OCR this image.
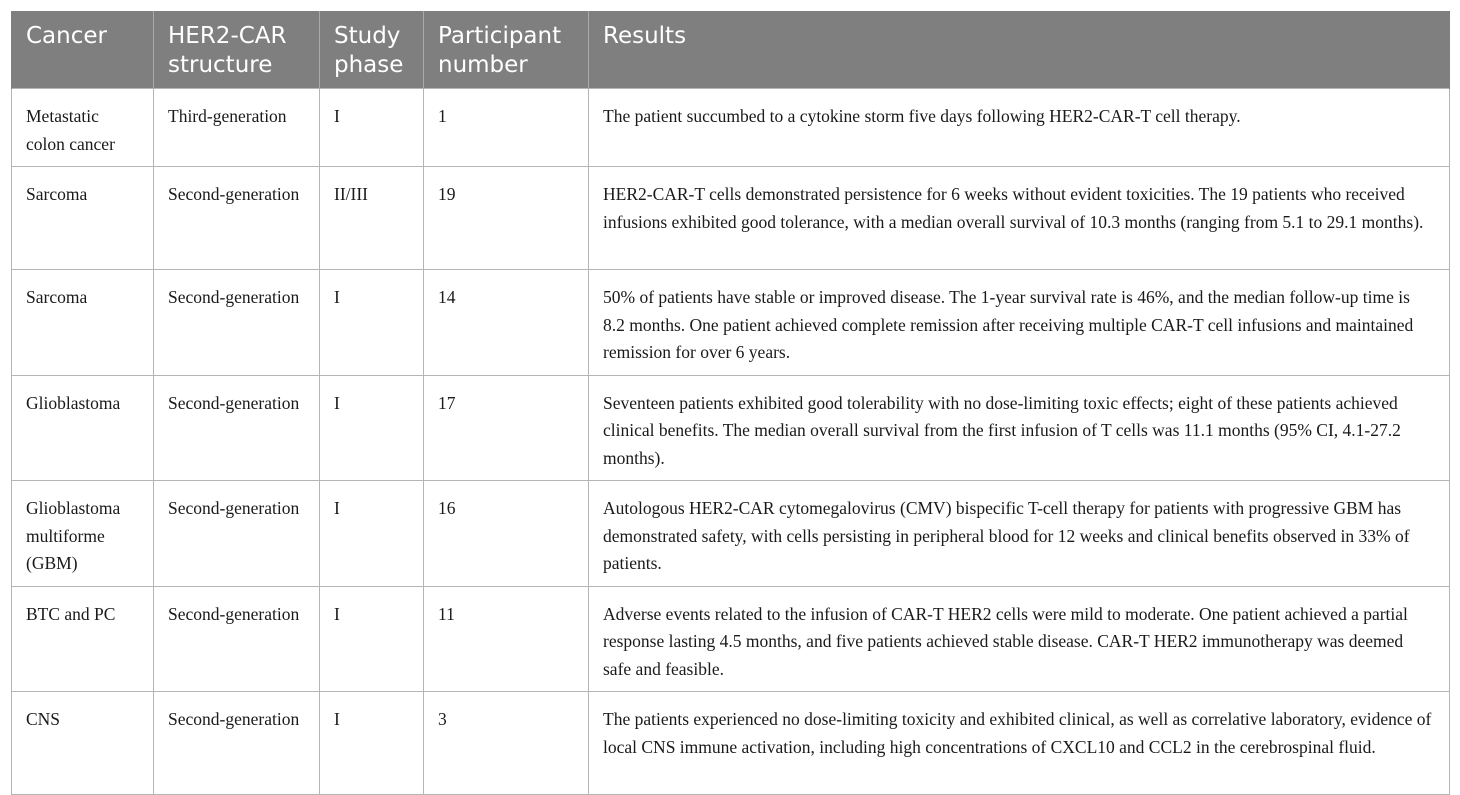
Cancer	HER2-CAR structure	Study phase	Participant number	Results
Metastatic colon cancer	Third-generation	I	1	The patient succumbed to a cytokine storm five days following HER2-CAR-T cell therapy.
Sarcoma	Second-generation	II/III	19	HER2-CAR-T cells demonstrated persistence for 6 weeks without evident toxicities. The 19 patients who received infusions exhibited good tolerance, with a median overall survival of 10.3 months (ranging from 5.1 to 29.1 months).
Sarcoma	Second-generation	I	14	50% of patients have stable or improved disease. The 1-year survival rate is 46%, and the median follow-up time is 8.2 months. One patient achieved complete remission after receiving multiple CAR-T cell infusions and maintained remission for over 6 years.
Glioblastoma	Second-generation	I	17	Seventeen patients exhibited good tolerability with no dose-limiting toxic effects; eight of these patients achieved clinical benefits. The median overall survival from the first infusion of T cells was 11.1 months (95% CI, 4.1-27.2 months).
Glioblastoma multiforme (GBM)	Second-generation	I	16	Autologous HER2-CAR cytomegalovirus (CMV) bispecific T-cell therapy for patients with progressive GBM has demonstrated safety, with cells persisting in peripheral blood for 12 weeks and clinical benefits observed in 33% of patients.
BTC and PC	Second-generation	I	11	Adverse events related to the infusion of CAR-T HER2 cells were mild to moderate. One patient achieved a partial response lasting 4.5 months, and five patients achieved stable disease. CAR-T HER2 immunotherapy was deemed safe and feasible.
CNS	Second-generation	I	3	The patients experienced no dose-limiting toxicity and exhibited clinical, as well as correlative laboratory, evidence of local CNS immune activation, including high concentrations of CXCL10 and CCL2 in the cerebrospinal fluid.
